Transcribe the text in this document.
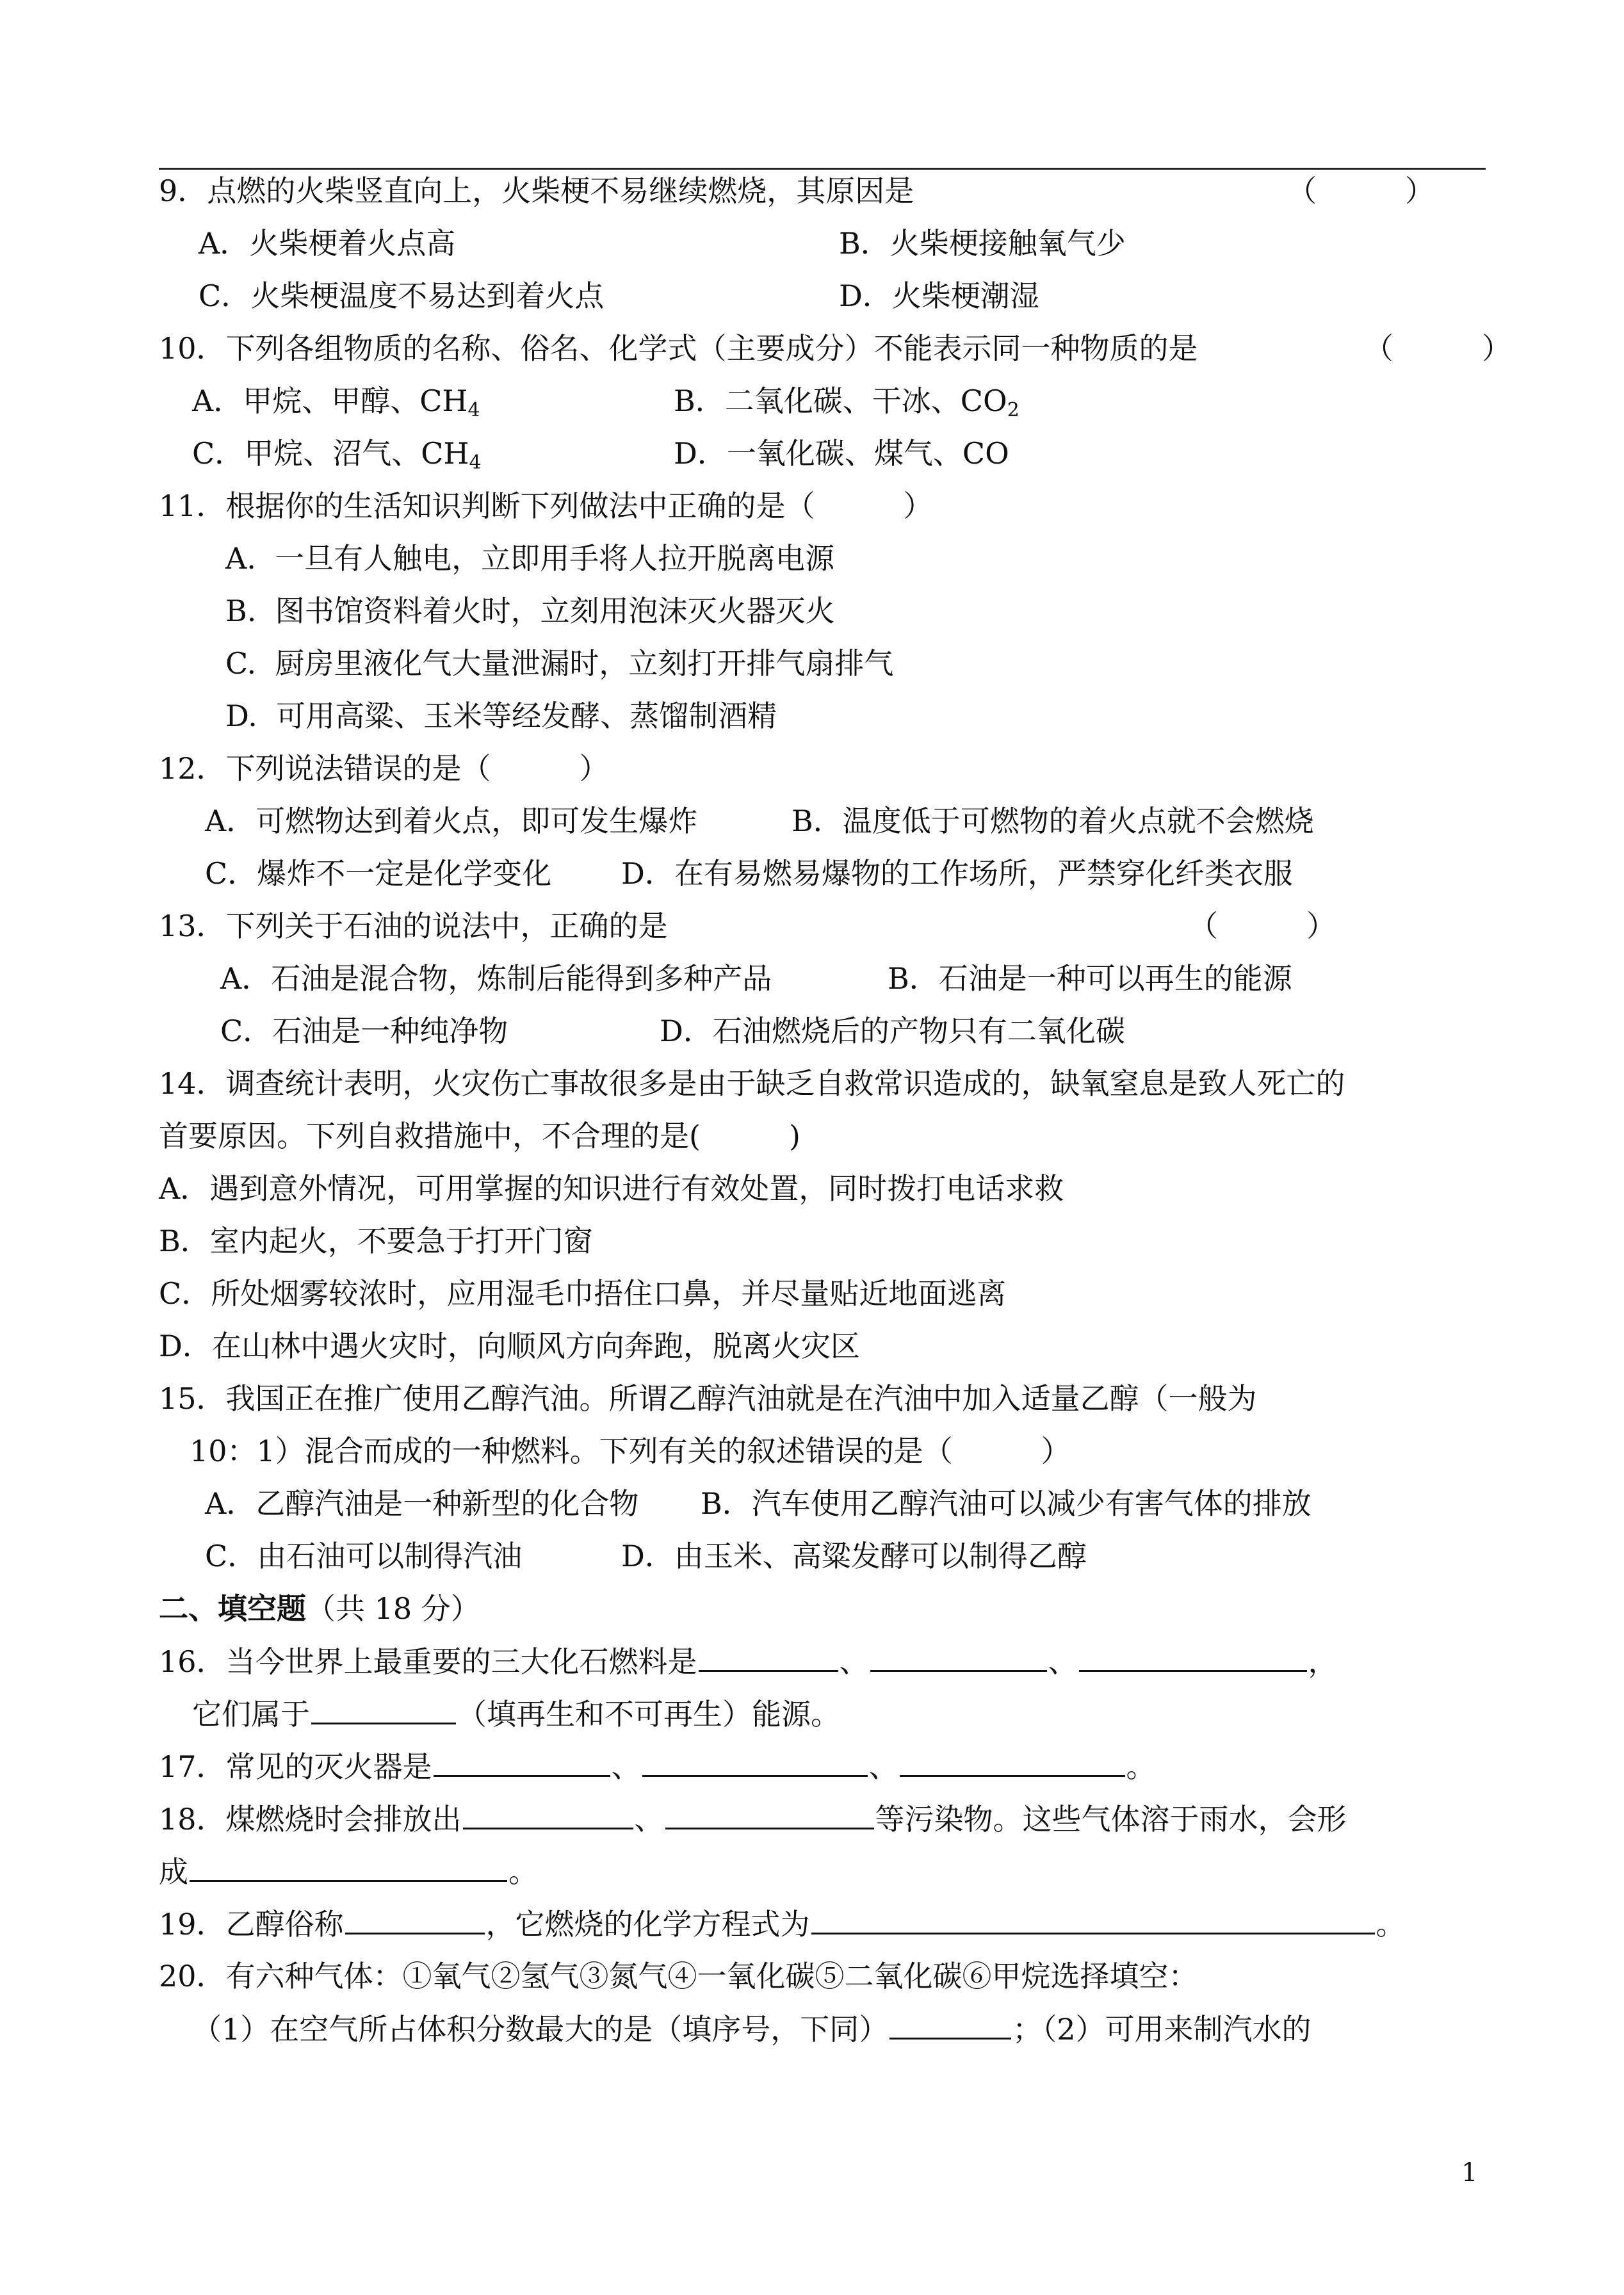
9．点燃的火柴竖直向上，火柴梗不易继续燃烧，其原因是	（　　　）
A．火柴梗着火点高	B．火柴梗接触氧气少
C．火柴梗温度不易达到着火点	D．火柴梗潮湿
10．下列各组物质的名称、俗名、化学式（主要成分）不能表示同一种物质的是	（　　　）
A．甲烷、甲醇、$CH_4$	B．二氧化碳、干冰、$CO_2$
C．甲烷、沼气、$CH_4$	D．一氧化碳、煤气、CO
11．根据你的生活知识判断下列做法中正确的是（　　　）
A.  一旦有人触电，立即用手将人拉开脱离电源
B.  图书馆资料着火时，立刻用泡沫灭火器灭火
C.  厨房里液化气大量泄漏时，立刻打开排气扇排气
D.  可用高粱、玉米等经发酵、蒸馏制酒精
12．下列说法错误的是（　　　）
A．可燃物达到着火点，即可发生爆炸	B．温度低于可燃物的着火点就不会燃烧
C．爆炸不一定是化学变化 D．在有易燃易爆物的工作场所，严禁穿化纤类衣服
13．下列关于石油的说法中，正确的是	（　　　）
A．石油是混合物，炼制后能得到多种产品	B．石油是一种可以再生的能源
C．石油是一种纯净物	D．石油燃烧后的产物只有二氧化碳
14．调查统计表明，火灾伤亡事故很多是由于缺乏自救常识造成的，缺氧窒息是致人死亡的
首要原因。下列自救措施中，不合理的是(　　　)
A．遇到意外情况，可用掌握的知识进行有效处置，同时拨打电话求救
B．室内起火，不要急于打开门窗
C．所处烟雾较浓时，应用湿毛巾捂住口鼻，并尽量贴近地面逃离
D．在山林中遇火灾时，向顺风方向奔跑，脱离火灾区
15．我国正在推广使用乙醇汽油。所谓乙醇汽油就是在汽油中加入适量乙醇（一般为
10：1）混合而成的一种燃料。下列有关的叙述错误的是（　　　）
A．乙醇汽油是一种新型的化合物 B．汽车使用乙醇汽油可以减少有害气体的排放
C．由石油可以制得汽油	D．由玉米、高粱发酵可以制得乙醇
二、填空题（共 18 分）
16．当今世界上最重要的三大化石燃料是	、	、	，
它们属于	（填再生和不可再生）能源。
17．常见的灭火器是	、	、	。
18．煤燃烧时会排放出	、	等污染物。这些气体溶于雨水，会形
成	。
19．乙醇俗称	，它燃烧的化学方程式为	。
20．有六种气体：①氧气②氢气③氮气④一氧化碳⑤二氧化碳⑥甲烷选择填空：
（1）在空气所占体积分数最大的是（填序号，下同）	；（2）可用来制汽水的
1
